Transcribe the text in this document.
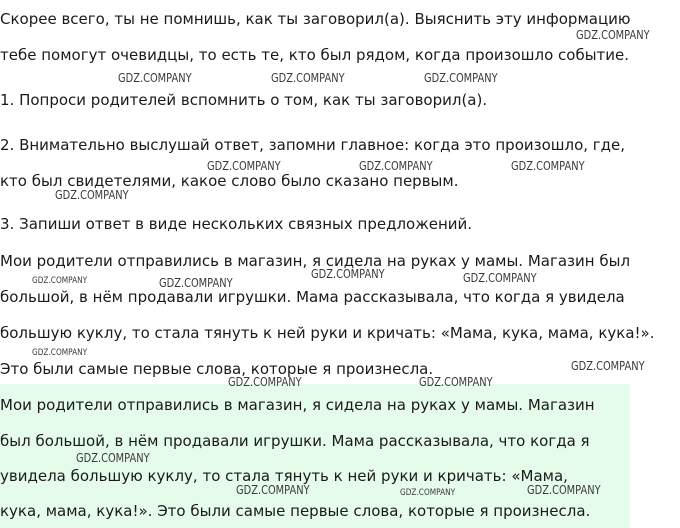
Скорее всего, ты не помнишь, как ты заговорил(а). Выяснить эту информацию

тебе помогут очевидцы, то есть те, кто был рядом, когда произошло событие.

1. Попроси родителей вспомнить о том, как ты заговорил(а).

2. Внимательно выслушай ответ, запомни главное: когда это произошло, где,

кто был свидетелями, какое слово было сказано первым.

3. Запиши ответ в виде нескольких связных предложений.

Мои родители отправились в магазин, я сидела на руках у мамы. Магазин был

большой, в нём продавали игрушки. Мама рассказывала, что когда я увидела

большую куклу, то стала тянуть к ней руки и кричать: «Мама, кука, мама, кука!».

Это были самые первые слова, которые я произнесла.

Мои родители отправились в магазин, я сидела на руках у мамы. Магазин

был большой, в нём продавали игрушки. Мама рассказывала, что когда я

увидела большую куклу, то стала тянуть к ней руки и кричать: «Мама,

кука, мама, кука!». Это были самые первые слова, которые я произнесла.

GDZ.COMPANY
GDZ.COMPANY	GDZ.COMPANY	GDZ.COMPANY
GDZ.COMPANY	GDZ.COMPANY	GDZ.COMPANY
GDZ.COMPANY
GDZ.COMPANY
GDZ.COMPANY	GDZ.COMPANY	GDZ.COMPANY
GDZ.COMPANY
GDZ.COMPANY
GDZ.COMPANY	GDZ.COMPANY
GDZ.COMPANY
GDZ.COMPANY	GDZ.COMPANY	GDZ.COMPANY
